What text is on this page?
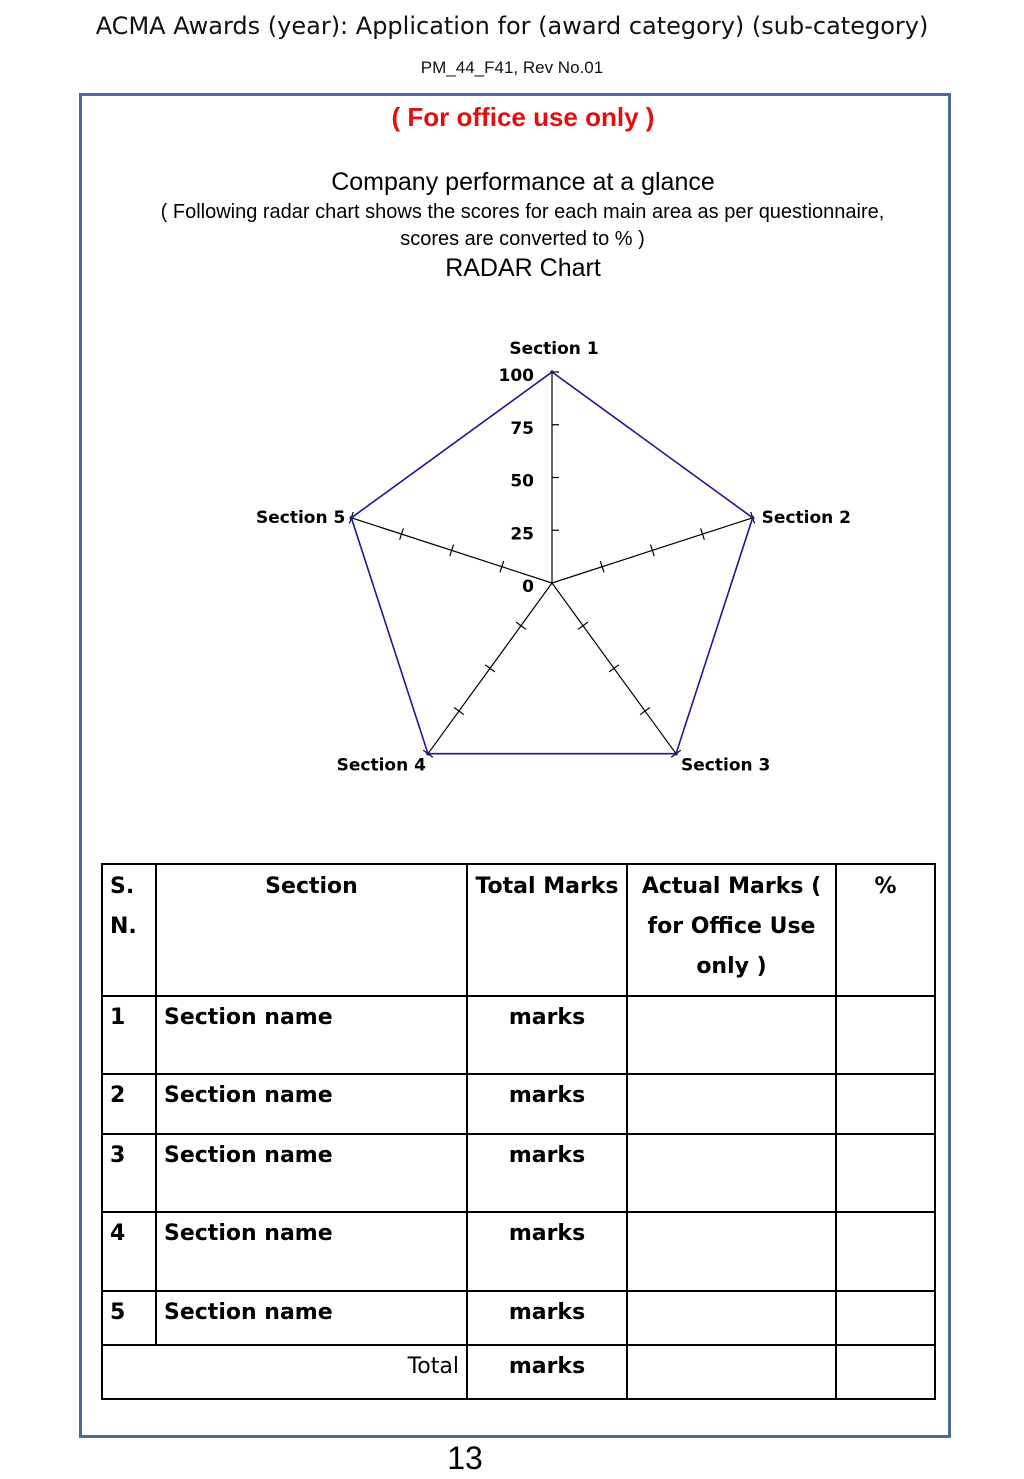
ACMA Awards (year): Application for (award category) (sub-category)
PM_44_F41, Rev No.01
( For office use only )
Company performance at a glance
( Following radar chart shows the scores for each main area as per questionnaire, scores are converted to % )
RADAR Chart
0
25
50
75
100
Section 1
Section 2
Section 3
Section 4
Section 5
S. N.	Section	Total Marks	Actual Marks ( for Office Use only )	%
1	Section name	marks		
2	Section name	marks		
3	Section name	marks		
4	Section name	marks		
5	Section name	marks		
Total		marks		
13
